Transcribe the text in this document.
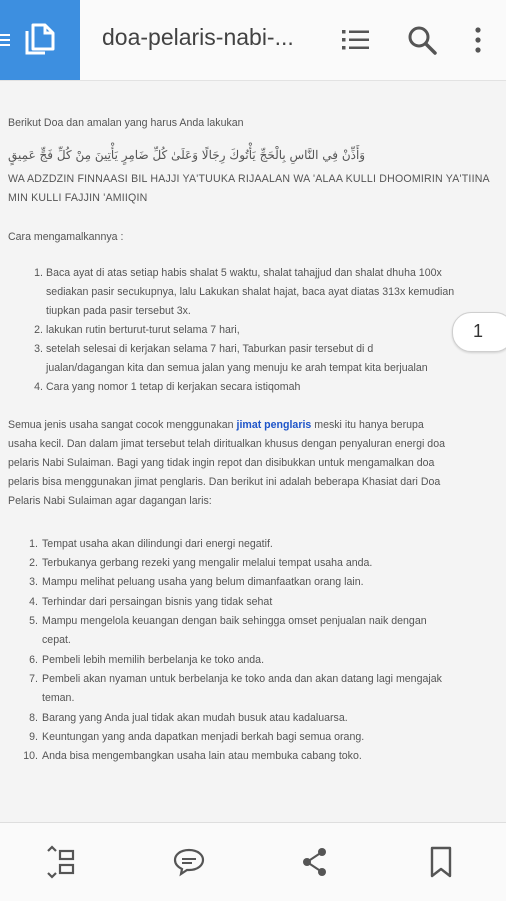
doa-pelaris-nabi-...
Berikut Doa dan amalan yang harus Anda lakukan
وَأَذِّنْ فِي النَّاسِ بِالْحَجِّ يَأْتُوكَ رِجَالًا وَعَلَىٰ كُلِّ ضَامِرٍ يَأْتِينَ مِنْ كُلِّ فَجٍّ عَمِيقٍ
WA ADZDZIN FINNAASI BIL HAJJI YA'TUUKA RIJAALAN WA 'ALAA KULLI DHOOMIRIN YA'TIINA
MIN KULLI FAJJIN 'AMIIQIN
Cara mengamalkannya :
1. Baca ayat di atas setiap habis shalat 5 waktu, shalat tahajjud dan shalat dhuha 100x
sediakan pasir secukupnya, lalu Lakukan shalat hajat, baca ayat diatas 313x kemudian
tiupkan pada pasir tersebut 3x.
2. lakukan rutin berturut-turut selama 7 hari,
3. setelah selesai di kerjakan selama 7 hari, Taburkan pasir tersebut di d
jualan/dagangan kita dan semua jalan yang menuju ke arah tempat kita berjualan
4. Cara yang nomor 1 tetap di kerjakan secara istiqomah
Semua jenis usaha sangat cocok menggunakan jimat penglaris meski itu hanya berupa
usaha kecil. Dan dalam jimat tersebut telah diritualkan khusus dengan penyaluran energi doa
pelaris Nabi Sulaiman. Bagi yang tidak ingin repot dan disibukkan untuk mengamalkan doa
pelaris bisa menggunakan jimat penglaris. Dan berikut ini adalah beberapa Khasiat dari Doa
Pelaris Nabi Sulaiman agar dagangan laris:
1. Tempat usaha akan dilindungi dari energi negatif.
2. Terbukanya gerbang rezeki yang mengalir melalui tempat usaha anda.
3. Mampu melihat peluang usaha yang belum dimanfaatkan orang lain.
4. Terhindar dari persaingan bisnis yang tidak sehat
5. Mampu mengelola keuangan dengan baik sehingga omset penjualan naik dengan
cepat.
6. Pembeli lebih memilih berbelanja ke toko anda.
7. Pembeli akan nyaman untuk berbelanja ke toko anda dan akan datang lagi mengajak
teman.
8. Barang yang Anda jual tidak akan mudah busuk atau kadaluarsa.
9. Keuntungan yang anda dapatkan menjadi berkah bagi semua orang.
10. Anda bisa mengembangkan usaha lain atau membuka cabang toko.
1
